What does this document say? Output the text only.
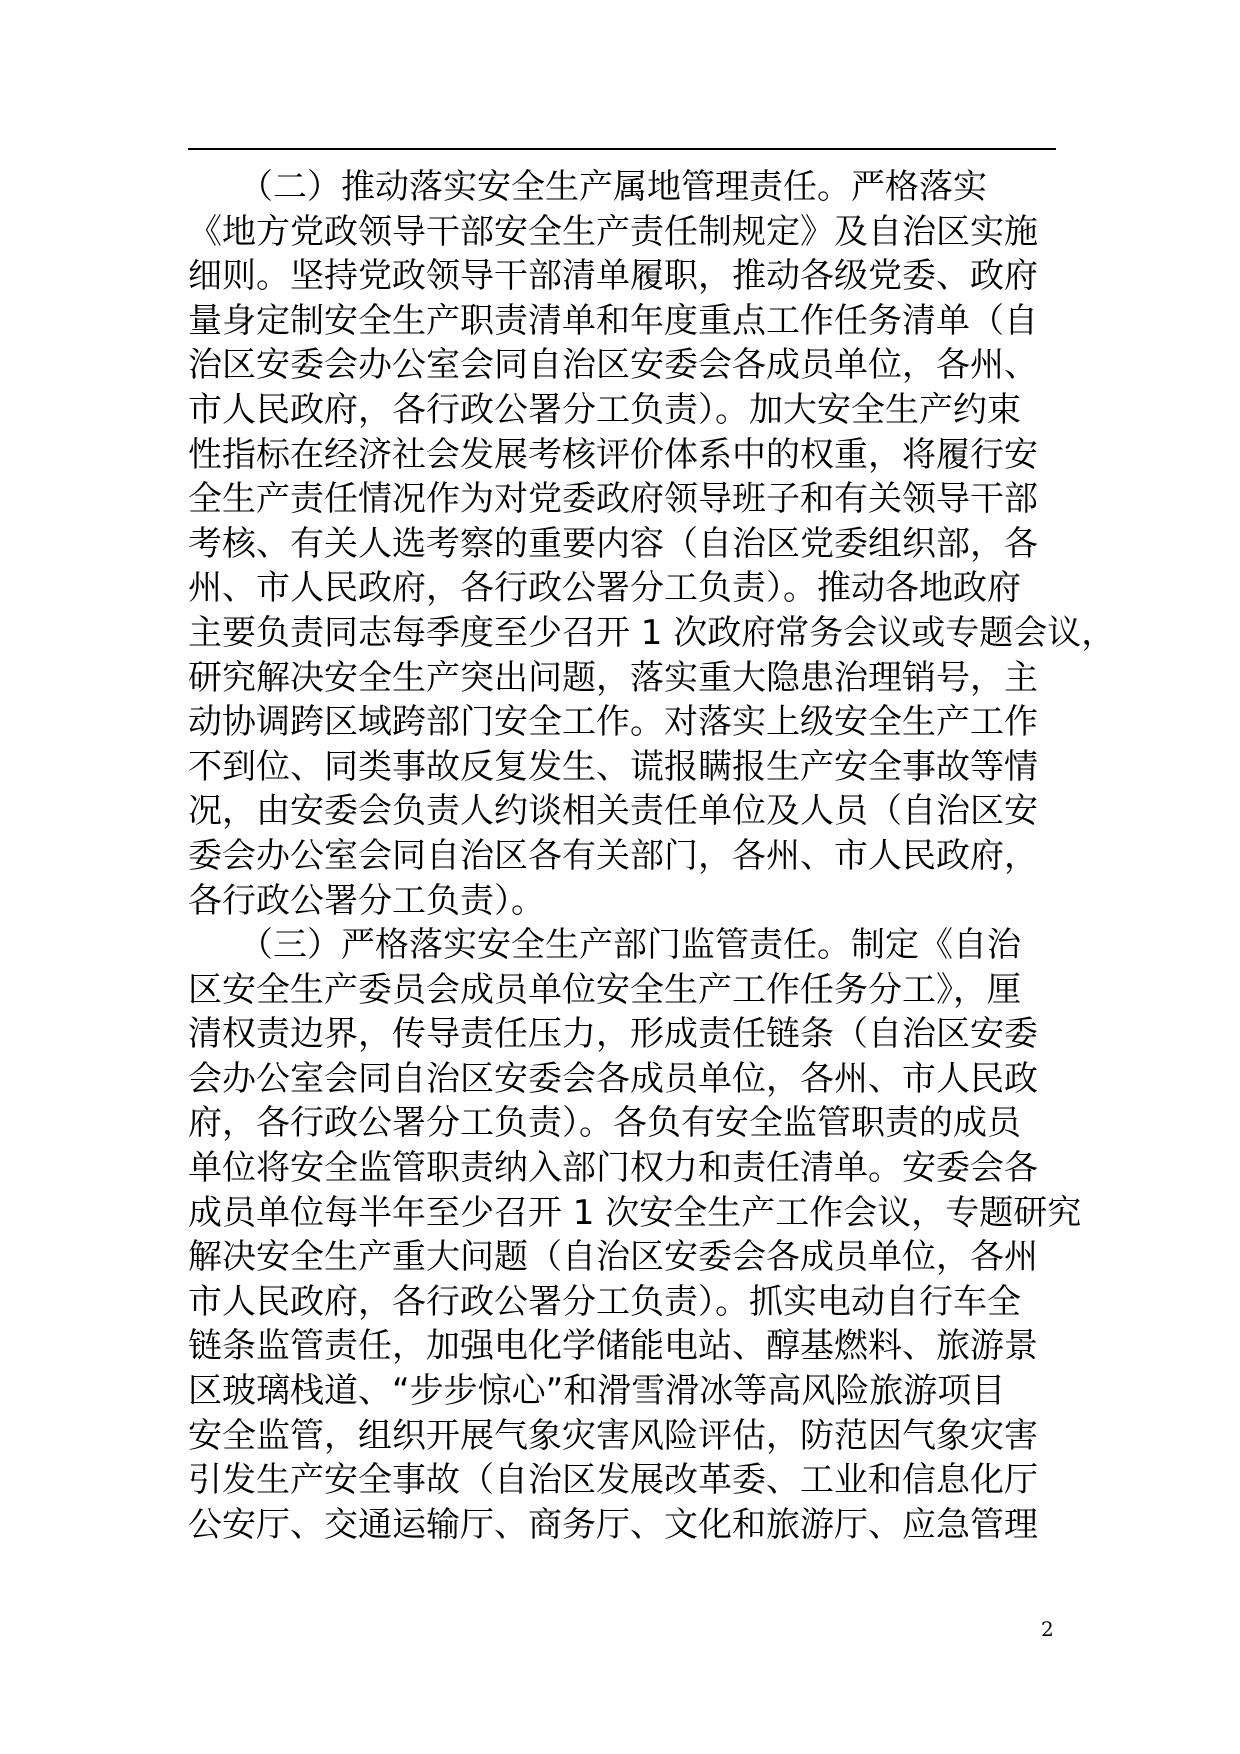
　　（二）推动落实安全生产属地管理责任。严格落实
《地方党政领导干部安全生产责任制规定》及自治区实施
细则。坚持党政领导干部清单履职，推动各级党委、政府
量身定制安全生产职责清单和年度重点工作任务清单（自
治区安委会办公室会同自治区安委会各成员单位，各州、
市人民政府，各行政公署分工负责）。加大安全生产约束
性指标在经济社会发展考核评价体系中的权重，将履行安
全生产责任情况作为对党委政府领导班子和有关领导干部
考核、有关人选考察的重要内容（自治区党委组织部，各
州、市人民政府，各行政公署分工负责）。推动各地政府
主要负责同志每季度至少召开 1 次政府常务会议或专题会议，
研究解决安全生产突出问题，落实重大隐患治理销号，主
动协调跨区域跨部门安全工作。对落实上级安全生产工作
不到位、同类事故反复发生、谎报瞒报生产安全事故等情
况，由安委会负责人约谈相关责任单位及人员（自治区安
委会办公室会同自治区各有关部门，各州、市人民政府，
各行政公署分工负责）。
　　（三）严格落实安全生产部门监管责任。制定《自治
区安全生产委员会成员单位安全生产工作任务分工》，厘
清权责边界，传导责任压力，形成责任链条（自治区安委
会办公室会同自治区安委会各成员单位，各州、市人民政
府，各行政公署分工负责）。各负有安全监管职责的成员
单位将安全监管职责纳入部门权力和责任清单。安委会各
成员单位每半年至少召开 1 次安全生产工作会议，专题研究
解决安全生产重大问题（自治区安委会各成员单位，各州
市人民政府，各行政公署分工负责）。抓实电动自行车全
链条监管责任，加强电化学储能电站、醇基燃料、旅游景
区玻璃栈道、“步步惊心”和滑雪滑冰等高风险旅游项目
安全监管，组织开展气象灾害风险评估，防范因气象灾害
引发生产安全事故（自治区发展改革委、工业和信息化厅
公安厅、交通运输厅、商务厅、文化和旅游厅、应急管理
2
